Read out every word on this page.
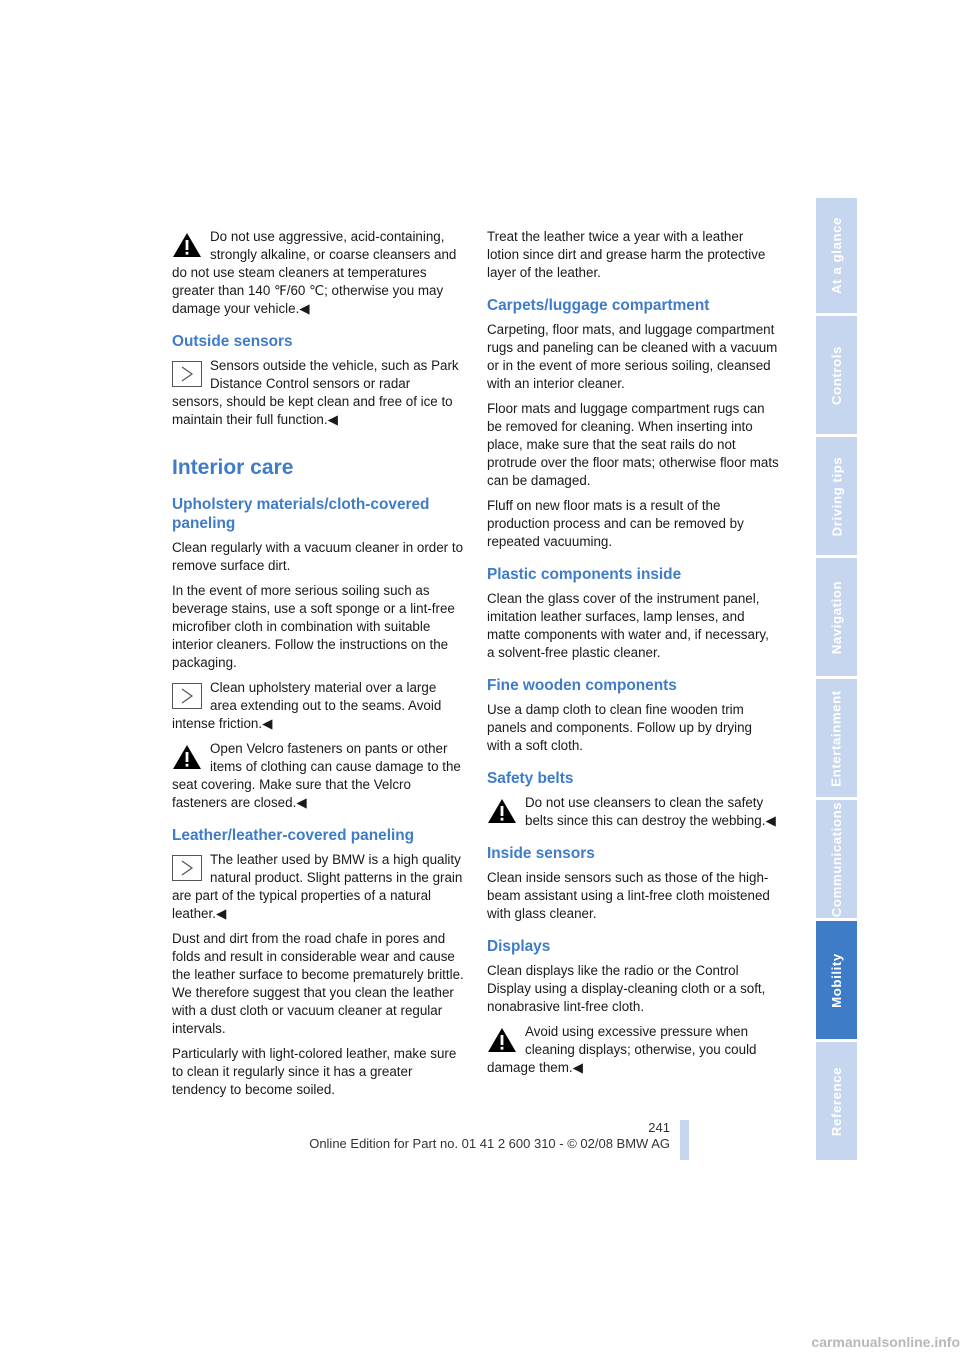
Do not use aggressive, acid-containing, strongly alkaline, or coarse cleansers and do not use steam cleaners at temperatures greater than 140 ℉/60 ℃; otherwise you may damage your vehicle.◀

Outside sensors

Sensors outside the vehicle, such as Park Distance Control sensors or radar sensors, should be kept clean and free of ice to maintain their full function.◀

Interior care
Upholstery materials/cloth-covered paneling

Clean regularly with a vacuum cleaner in order to remove surface dirt.

In the event of more serious soiling such as beverage stains, use a soft sponge or a lint-free microfiber cloth in combination with suitable interior cleaners. Follow the instructions on the packaging.

Clean upholstery material over a large area extending out to the seams. Avoid intense friction.◀

Open Velcro fasteners on pants or other items of clothing can cause damage to the seat covering. Make sure that the Velcro fasteners are closed.◀

Leather/leather-covered paneling

The leather used by BMW is a high quality natural product. Slight patterns in the grain are part of the typical properties of a natural leather.◀

Dust and dirt from the road chafe in pores and folds and result in considerable wear and cause the leather surface to become prematurely brittle. We therefore suggest that you clean the leather with a dust cloth or vacuum cleaner at regular intervals.

Particularly with light-colored leather, make sure to clean it regularly since it has a greater tendency to become soiled.

Treat the leather twice a year with a leather lotion since dirt and grease harm the protective layer of the leather.

Carpets/luggage compartment

Carpeting, floor mats, and luggage compartment rugs and paneling can be cleaned with a vacuum or in the event of more serious soiling, cleansed with an interior cleaner.

Floor mats and luggage compartment rugs can be removed for cleaning. When inserting into place, make sure that the seat rails do not protrude over the floor mats; otherwise floor mats can be damaged.

Fluff on new floor mats is a result of the production process and can be removed by repeated vacuuming.

Plastic components inside

Clean the glass cover of the instrument panel, imitation leather surfaces, lamp lenses, and matte components with water and, if necessary, a solvent-free plastic cleaner.

Fine wooden components

Use a damp cloth to clean fine wooden trim panels and components. Follow up by drying with a soft cloth.

Safety belts

Do not use cleansers to clean the safety belts since this can destroy the webbing.◀

Inside sensors

Clean inside sensors such as those of the high-beam assistant using a lint-free cloth moistened with glass cleaner.

Displays

Clean displays like the radio or the Control Display using a display-cleaning cloth or a soft, nonabrasive lint-free cloth.

Avoid using excessive pressure when cleaning displays; otherwise, you could damage them.◀

At a glance
Controls
Driving tips
Navigation
Entertainment
Communications
Mobility
Reference
241
Online Edition for Part no. 01 41 2 600 310 - © 02/08 BMW AG
carmanualsonline.info
